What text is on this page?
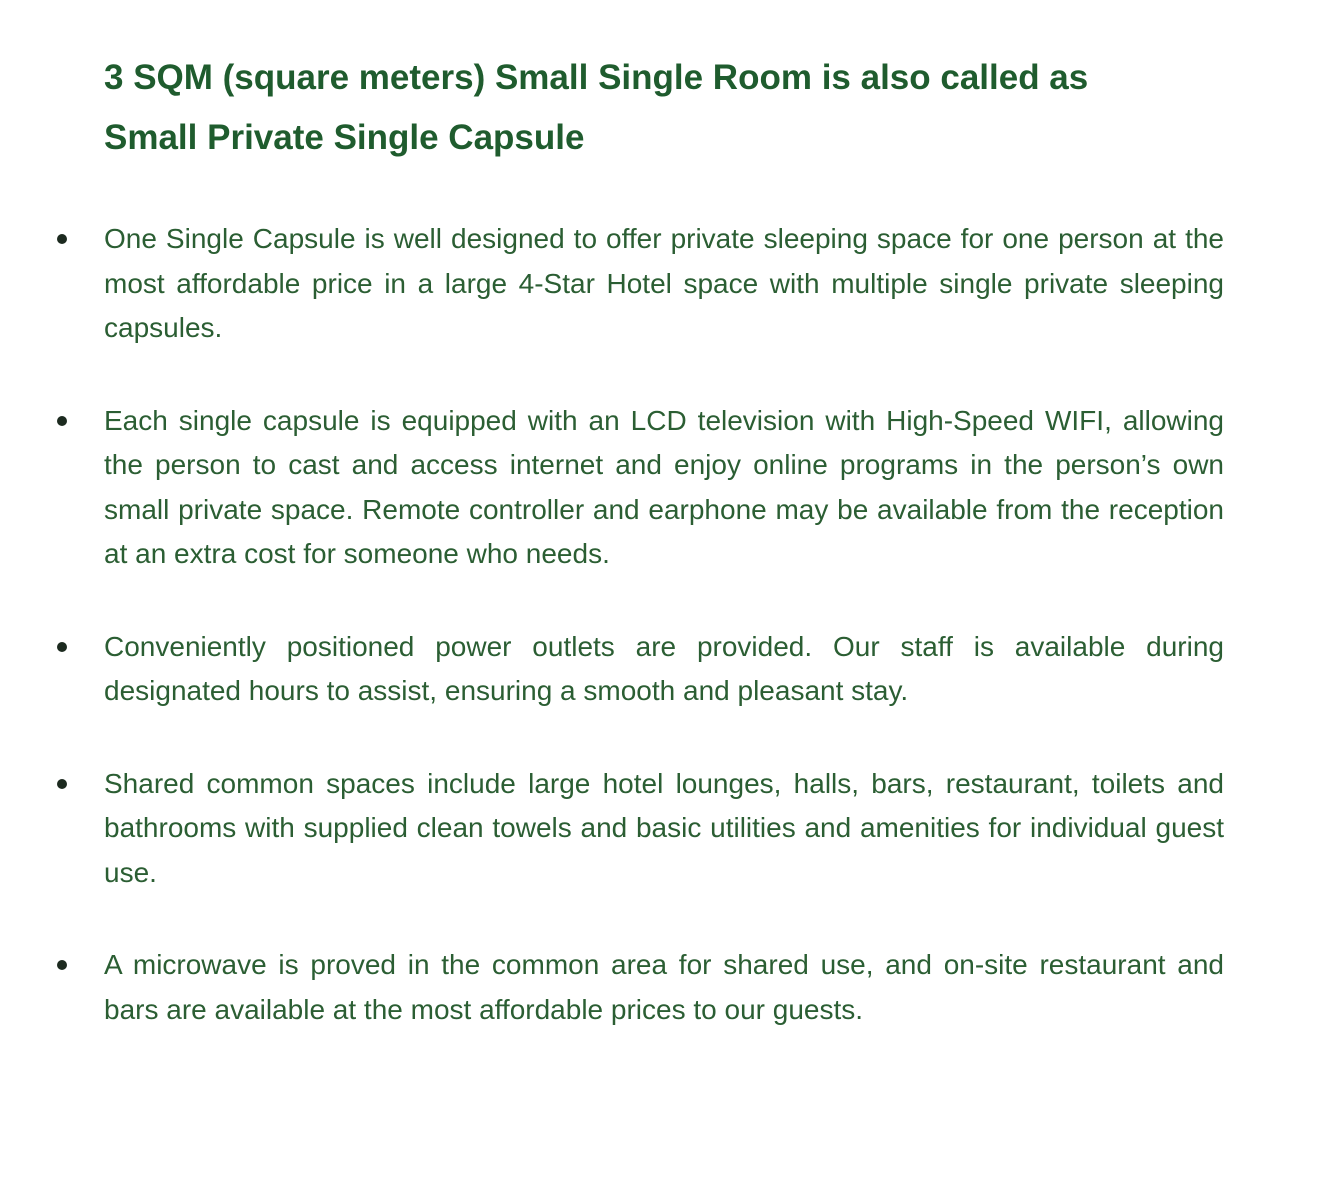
3 SQM (square meters) Small Single Room is also called as
Small Private Single Capsule
One Single Capsule is well designed to offer private sleeping space for one person at the most affordable price in a large 4-Star Hotel space with multiple single private sleeping capsules.
Each single capsule is equipped with an LCD television with High-Speed WIFI, allowing the person to cast and access internet and enjoy online programs in the person’s own small private space. Remote controller and earphone may be available from the reception at an extra cost for someone who needs.
Conveniently positioned power outlets are provided. Our staff is available during designated hours to assist, ensuring a smooth and pleasant stay.
Shared common spaces include large hotel lounges, halls, bars, restaurant, toilets and bathrooms with supplied clean towels and basic utilities and amenities for individual guest use.
A microwave is proved in the common area for shared use, and on-site restaurant and bars are available at the most affordable prices to our guests.
